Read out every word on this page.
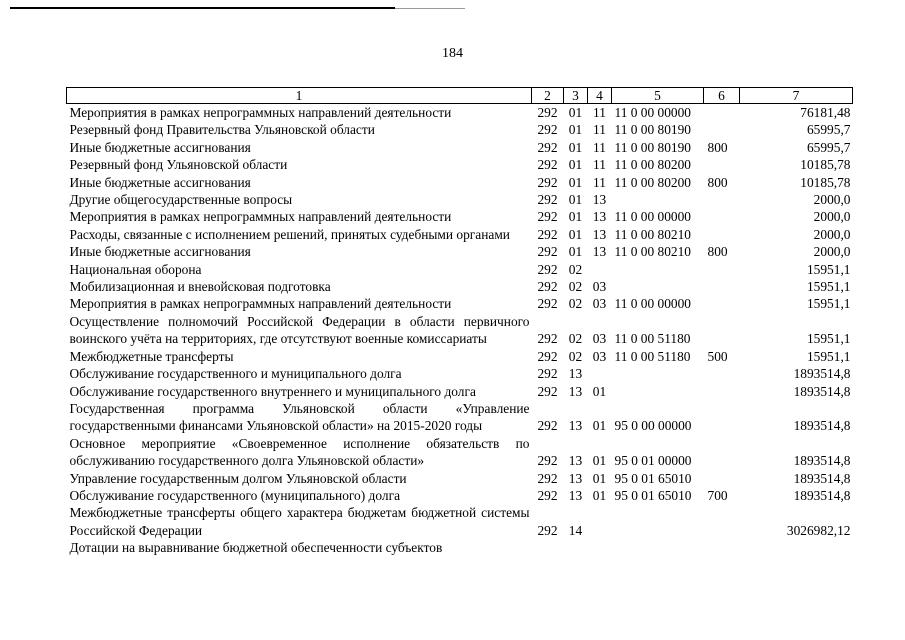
184
1	2	3	4	5	6	7
Мероприятия в рамках непрограммных направлений деятельности	292	01	11	11 0 00 00000		76181,48
Резервный фонд Правительства Ульяновской области	292	01	11	11 0 00 80190		65995,7
Иные бюджетные ассигнования	292	01	11	11 0 00 80190	800	65995,7
Резервный фонд Ульяновской области	292	01	11	11 0 00 80200		10185,78
Иные бюджетные ассигнования	292	01	11	11 0 00 80200	800	10185,78
Другие общегосударственные вопросы	292	01	13			2000,0
Мероприятия в рамках непрограммных направлений деятельности	292	01	13	11 0 00 00000		2000,0
Расходы, связанные с исполнением решений, принятых судебными органами	292	01	13	11 0 00 80210		2000,0
Иные бюджетные ассигнования	292	01	13	11 0 00 80210	800	2000,0
Национальная оборона	292	02				15951,1
Мобилизационная и вневойсковая подготовка	292	02	03			15951,1
Мероприятия в рамках непрограммных направлений деятельности	292	02	03	11 0 00 00000		15951,1
Осуществление полномочий Российской Федерации в области первичного воинского учёта на территориях, где отсутствуют военные комиссариаты	292	02	03	11 0 00 51180		15951,1
Межбюджетные трансферты	292	02	03	11 0 00 51180	500	15951,1
Обслуживание государственного и муниципального долга	292	13				1893514,8
Обслуживание государственного внутреннего и муниципального долга	292	13	01			1893514,8
Государственная программа Ульяновской области «Управление государственными финансами Ульяновской области» на 2015-2020 годы	292	13	01	95 0 00 00000		1893514,8
Основное мероприятие «Своевременное исполнение обязательств по обслуживанию государственного долга Ульяновской области»	292	13	01	95 0 01 00000		1893514,8
Управление государственным долгом Ульяновской области	292	13	01	95 0 01 65010		1893514,8
Обслуживание государственного (муниципального) долга	292	13	01	95 0 01 65010	700	1893514,8
Межбюджетные трансферты общего характера бюджетам бюджетной системы Российской Федерации	292	14				3026982,12
Дотации на выравнивание бюджетной обеспеченности субъектов						
